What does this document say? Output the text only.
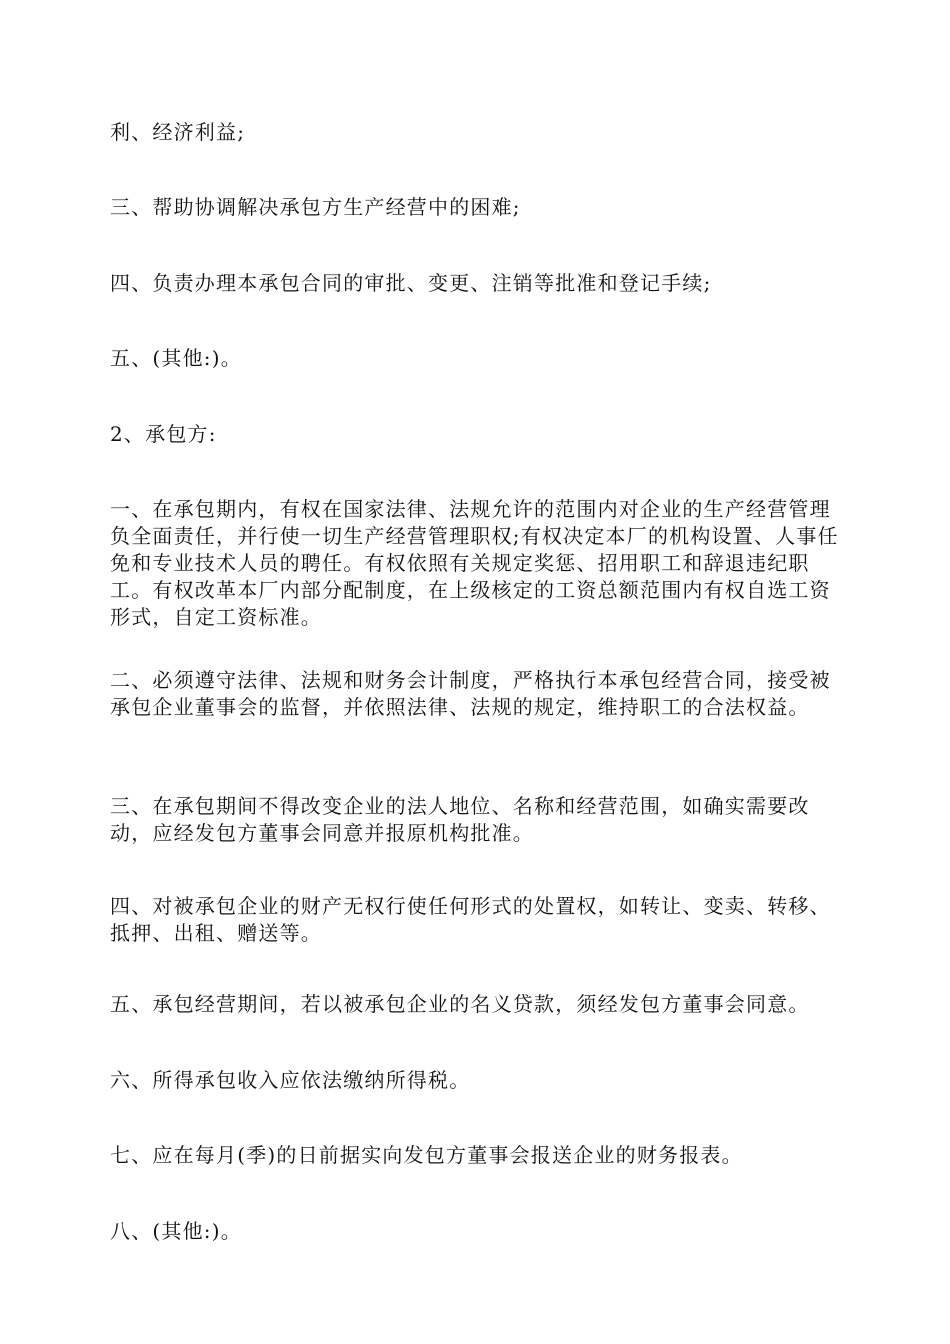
利、经济利益;

三、帮助协调解决承包方生产经营中的困难;

四、负责办理本承包合同的审批、变更、注销等批准和登记手续;

五、(其他:)。

2、承包方:

一、在承包期内，有权在国家法律、法规允许的范围内对企业的生产经营管理负全面责任，并行使一切生产经营管理职权;有权决定本厂的机构设置、人事任免和专业技术人员的聘任。有权依照有关规定奖惩、招用职工和辞退违纪职工。有权改革本厂内部分配制度，在上级核定的工资总额范围内有权自选工资形式，自定工资标准。

二、必须遵守法律、法规和财务会计制度，严格执行本承包经营合同，接受被承包企业董事会的监督，并依照法律、法规的规定，维持职工的合法权益。

三、在承包期间不得改变企业的法人地位、名称和经营范围，如确实需要改动，应经发包方董事会同意并报原机构批准。

四、对被承包企业的财产无权行使任何形式的处置权，如转让、变卖、转移、抵押、出租、赠送等。

五、承包经营期间，若以被承包企业的名义贷款，须经发包方董事会同意。

六、所得承包收入应依法缴纳所得税。

七、应在每月(季)的日前据实向发包方董事会报送企业的财务报表。

八、(其他:)。
